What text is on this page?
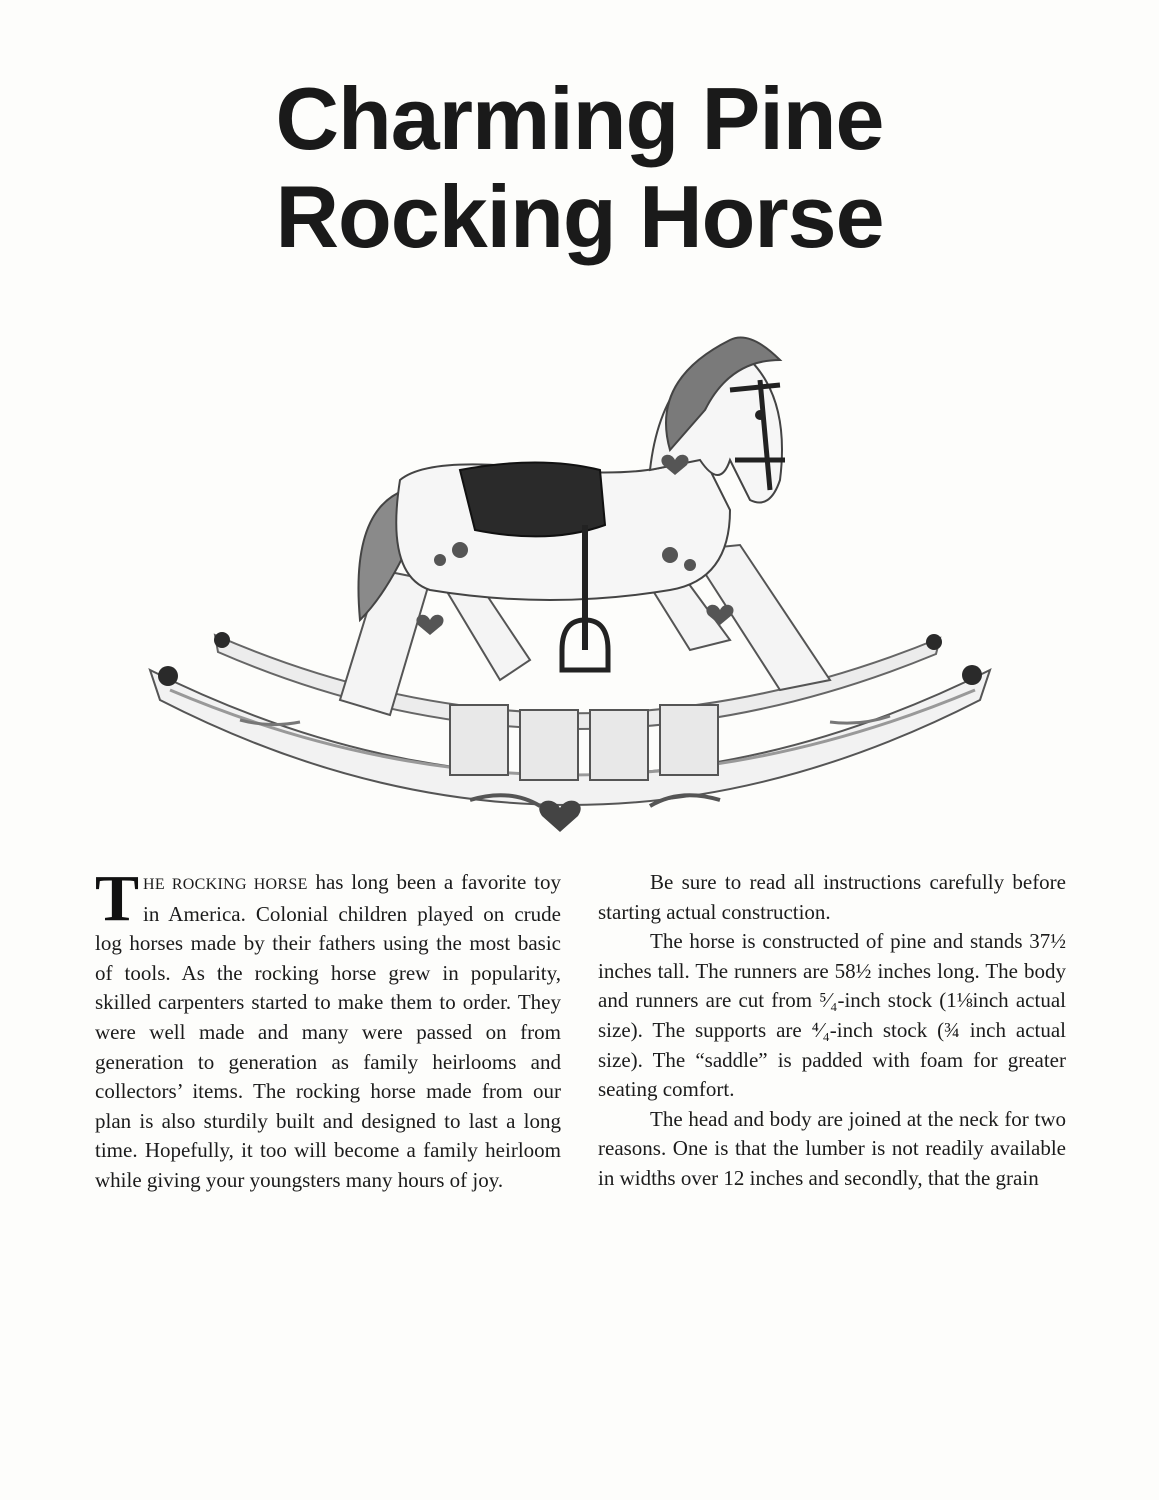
Charming Pine
Rocking Horse

THE ROCKING HORSE has long been a favorite toy in America. Colonial children played on crude log horses made by their fathers using the most basic of tools. As the rocking horse grew in popularity, skilled carpenters started to make them to order. They were well made and many were passed on from generation to generation as family heirlooms and collectors’ items. The rocking horse made from our plan is also sturdily built and designed to last a long time. Hopefully, it too will become a family heirloom while giving your youngsters many hours of joy.

Be sure to read all instructions carefully before starting actual construction.

The horse is constructed of pine and stands 37½ inches tall. The runners are 58½ inches long. The body and runners are cut from ⁵⁄₄-inch stock (1⅛inch actual size). The supports are ⁴⁄₄-inch stock (¾ inch actual size). The “saddle” is padded with foam for greater seating comfort.

The head and body are joined at the neck for two reasons. One is that the lumber is not readily available in widths over 12 inches and secondly, that the grain
